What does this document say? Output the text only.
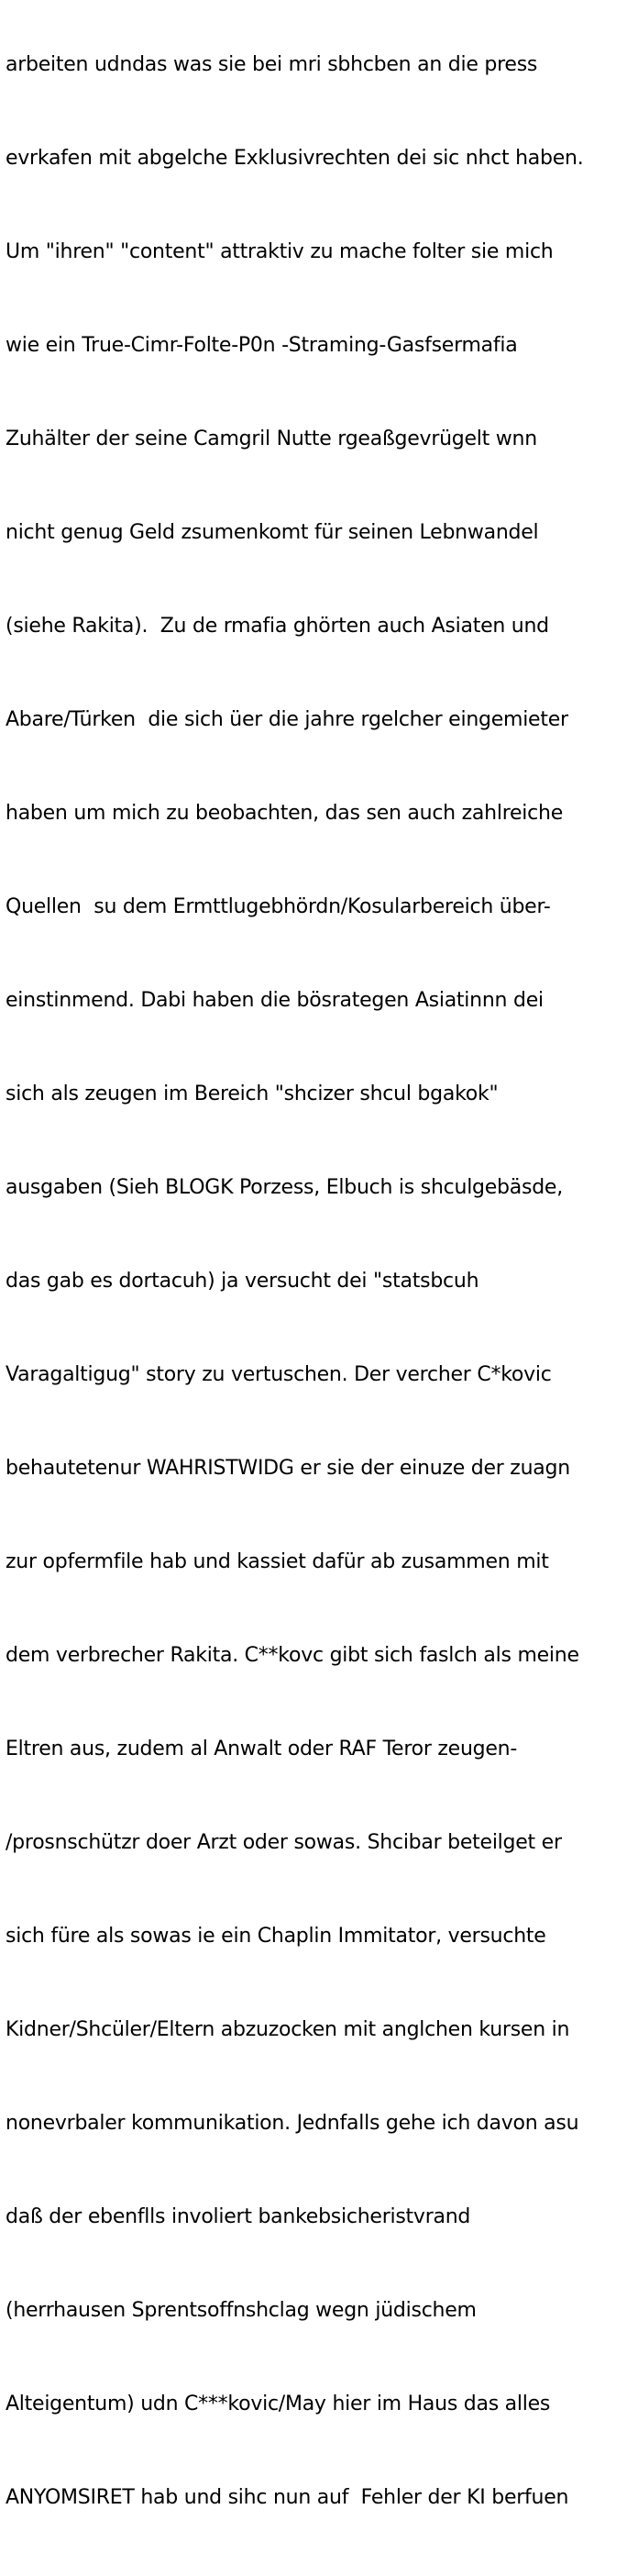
arbeiten udndas was sie bei mri sbhcben an die press

evrkafen mit abgelche Exklusivrechten dei sic nhct haben.

Um "ihren" "content" attraktiv zu mache folter sie mich

wie ein True-Cimr-Folte-P0n -Straming-Gasfsermafia

Zuhälter der seine Camgril Nutte rgeaßgevrügelt wnn

nicht genug Geld zsumenkomt für seinen Lebnwandel

(siehe Rakita).  Zu de rmafia ghörten auch Asiaten und

Abare/Türken  die sich üer die jahre rgelcher eingemieter

haben um mich zu beobachten, das sen auch zahlreiche

Quellen  su dem Ermttlugebhördn/Kosularbereich über-

einstinmend. Dabi haben die bösrategen Asiatinnn dei

sich als zeugen im Bereich "shcizer shcul bgakok"

ausgaben (Sieh BLOGK Porzess, Elbuch is shculgebäsde,

das gab es dortacuh) ja versucht dei "statsbcuh

Varagaltigug" story zu vertuschen. Der vercher C*kovic

behautetenur WAHRISTWIDG er sie der einuze der zuagn

zur opfermfile hab und kassiet dafür ab zusammen mit

dem verbrecher Rakita. C**kovc gibt sich faslch als meine

Eltren aus, zudem al Anwalt oder RAF Teror zeugen-

/prosnschützr doer Arzt oder sowas. Shcibar beteilget er

sich füre als sowas ie ein Chaplin Immitator, versuchte

Kidner/Shcüler/Eltern abzuzocken mit anglchen kursen in

nonevrbaler kommunikation. Jednfalls gehe ich davon asu

daß der ebenflls involiert bankebsicheristvrand

(herrhausen Sprentsoffnshclag wegn jüdischem

Alteigentum) udn C***kovic/May hier im Haus das alles

ANYOMSIRET hab und sihc nun auf  Fehler der KI berfuen
